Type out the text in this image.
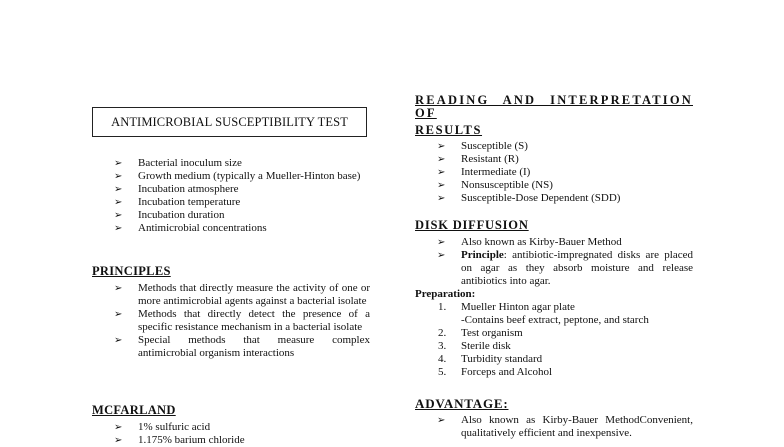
ANTIMICROBIAL SUSCEPTIBILITY TEST
➢ Bacterial inoculum size
➢ Growth medium (typically a Mueller-Hinton base)
➢ Incubation atmosphere
➢ Incubation temperature
➢ Incubation duration
➢ Antimicrobial concentrations
PRINCIPLES
➢ Methods that directly measure the activity of one or more antimicrobial agents against a bacterial isolate
➢ Methods that directly detect the presence of a specific resistance mechanism in a bacterial isolate
➢ Special methods that measure complex antimicrobial organism interactions
MCFARLAND
➢ 1% sulfuric acid
➢ 1.175% barium chloride
READING AND INTERPRETATION OF
RESULTS
➢ Susceptible (S)
➢ Resistant (R)
➢ Intermediate (I)
➢ Nonsusceptible (NS)
➢ Susceptible-Dose Dependent (SDD)
DISK DIFFUSION
➢ Also known as Kirby-Bauer Method
➢ Principle: antibiotic-impregnated disks are placed on agar as they absorb moisture and release antibiotics into agar.
Preparation:
1. Mueller Hinton agar plate
-Contains beef extract, peptone, and starch
2. Test organism
3. Sterile disk
4. Turbidity standard
5. Forceps and Alcohol
ADVANTAGE:
➢ Also known as Kirby-Bauer MethodConvenient, qualitatively efficient and inexpensive.
